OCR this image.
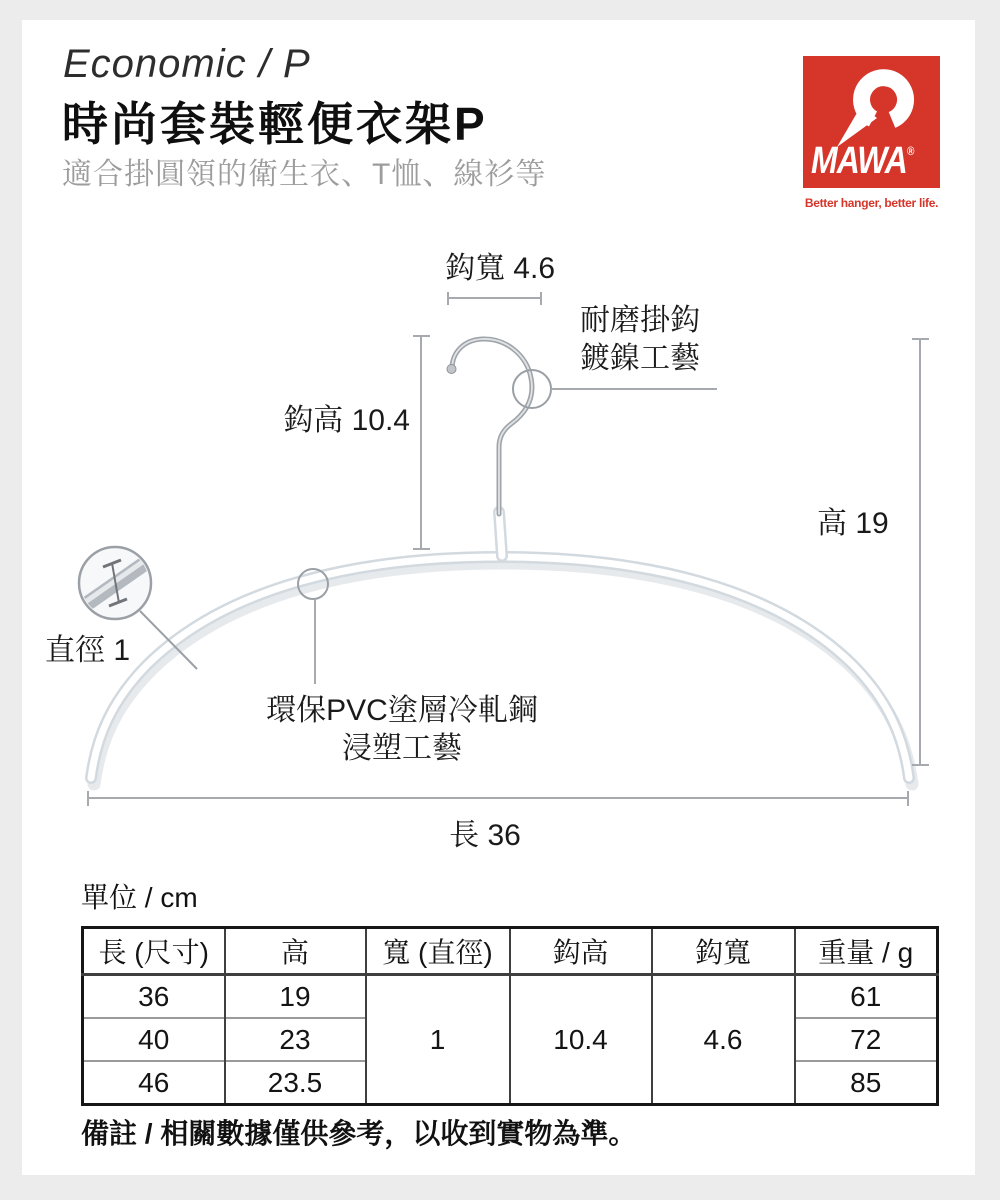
Economic / P
時尚套裝輕便衣架P
適合掛圓領的衛生衣、T恤、線衫等	MAWA®
Better hanger, better life.
鈎寬 4.6
耐磨掛鈎
鍍鎳工藝
鈎高 10.4
高 19
直徑 1
環保PVC塗層冷軋鋼
浸塑工藝
長 36
單位 / cm
長 (尺寸)	高	寬 (直徑)	鈎高	鈎寬	重量 / g
36	19	1	10.4	4.6	61
40	23				72
46	23.5				85
備註 / 相關數據僅供參考，以收到實物為準。
